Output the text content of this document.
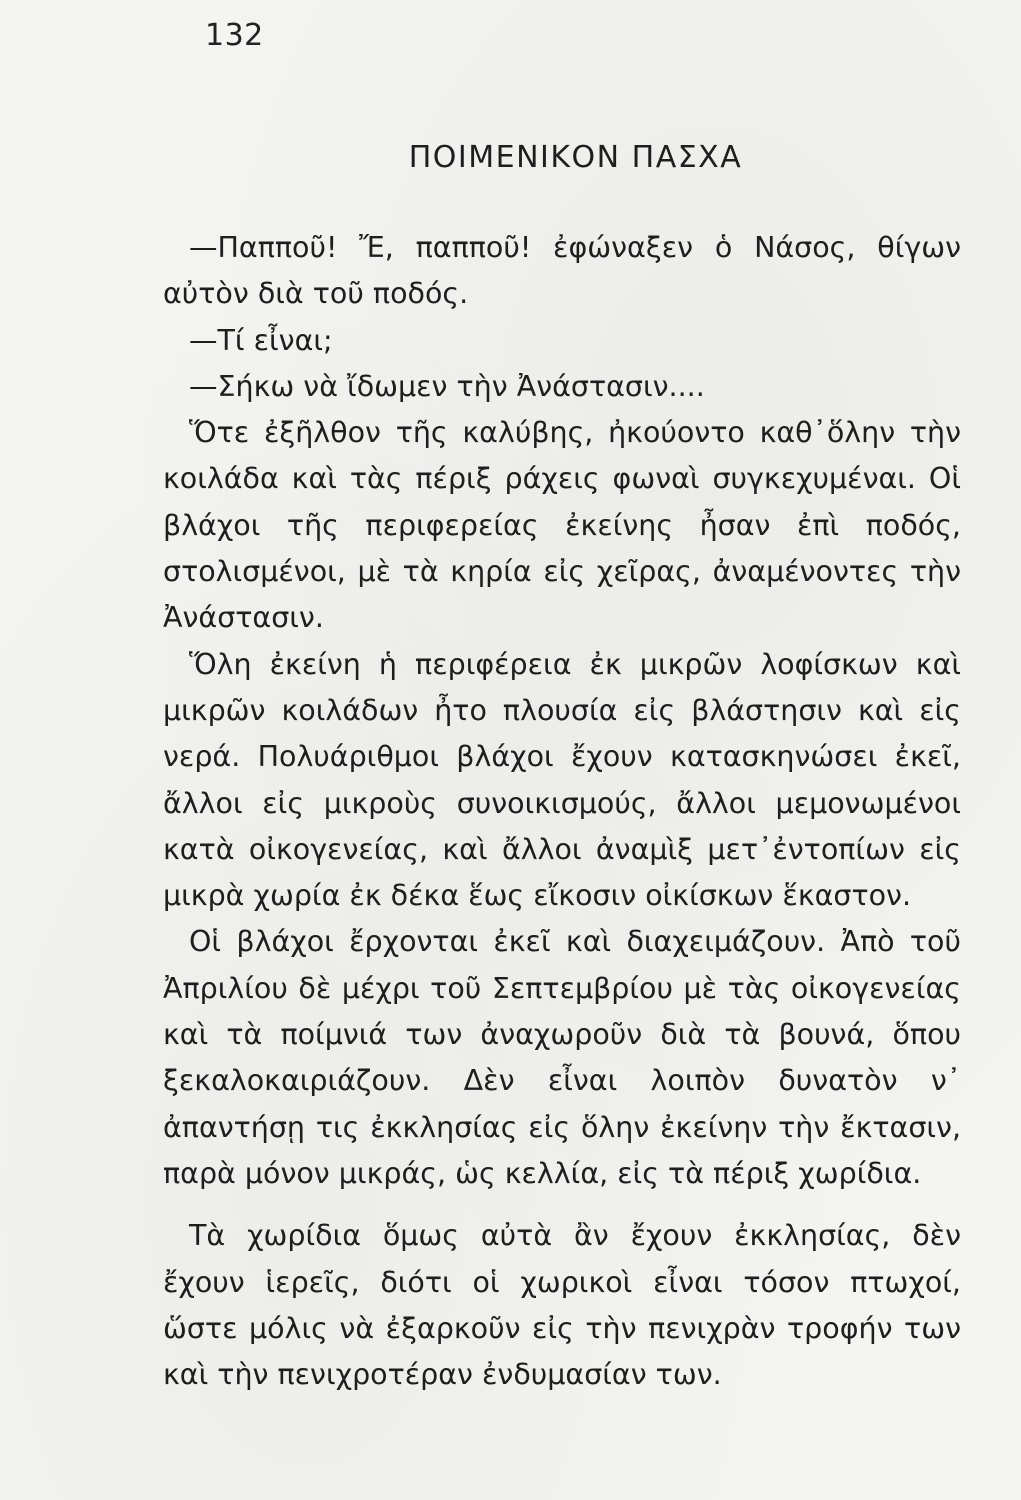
132
ΠΟΙΜΕΝΙΚΟΝ ΠΑΣΧΑ

—Παπποῦ! Ἔ, παπποῦ! ἐφώναξεν ὁ Νάσος, θίγων αὐτὸν διὰ τοῦ ποδός.

—Τί εἶναι;

—Σήκω νὰ ἴδωμεν τὴν Ἀνάστασιν....

Ὅτε ἐξῆλθον τῆς καλύβης, ἠκούοντο καθ᾽ὅλην τὴν κοιλάδα καὶ τὰς πέριξ ράχεις φωναὶ συγκεχυμέναι. Οἱ βλάχοι τῆς περιφερείας ἐκείνης ἦσαν ἐπὶ ποδός, στολισμένοι, μὲ τὰ κηρία εἰς χεῖρας, ἀναμένοντες τὴν Ἀνάστασιν.

Ὅλη ἐκείνη ἡ περιφέρεια ἐκ μικρῶν λοφίσκων καὶ μικρῶν κοιλάδων ἦτο πλουσία εἰς βλάστησιν καὶ εἰς νερά. Πολυάριθμοι βλάχοι ἔχουν κατασκηνώσει ἐκεῖ, ἄλλοι εἰς μικροὺς συνοικισμούς, ἄλλοι μεμονωμένοι κατὰ οἰκογενείας, καὶ ἄλλοι ἀναμὶξ μετ᾽ἐντοπίων εἰς μικρὰ χωρία ἐκ δέκα ἕως εἴκοσιν οἰκίσκων ἕκαστον.

Οἱ βλάχοι ἔρχονται ἐκεῖ καὶ διαχειμάζουν. Ἀπὸ τοῦ Ἀπριλίου δὲ μέχρι τοῦ Σεπτεμβρίου μὲ τὰς οἰκογενείας καὶ τὰ ποίμνιά των ἀναχωροῦν διὰ τὰ βουνά, ὅπου ξεκαλοκαιριάζουν. Δὲν εἶναι λοιπὸν δυνατὸν ν᾽ ἀπαντήσῃ τις ἐκκλησίας εἰς ὅλην ἐκείνην τὴν ἔκτασιν, παρὰ μόνον μικράς, ὡς κελλία, εἰς τὰ πέριξ χωρίδια.

Τὰ χωρίδια ὅμως αὐτὰ ἂν ἔχουν ἐκκλησίας, δὲν ἔχουν ἱερεῖς, διότι οἱ χωρικοὶ εἶναι τόσον πτωχοί, ὥστε μόλις νὰ ἐξαρκοῦν εἰς τὴν πενιχρὰν τροφήν των καὶ τὴν πενιχροτέραν ἐνδυμασίαν των.
